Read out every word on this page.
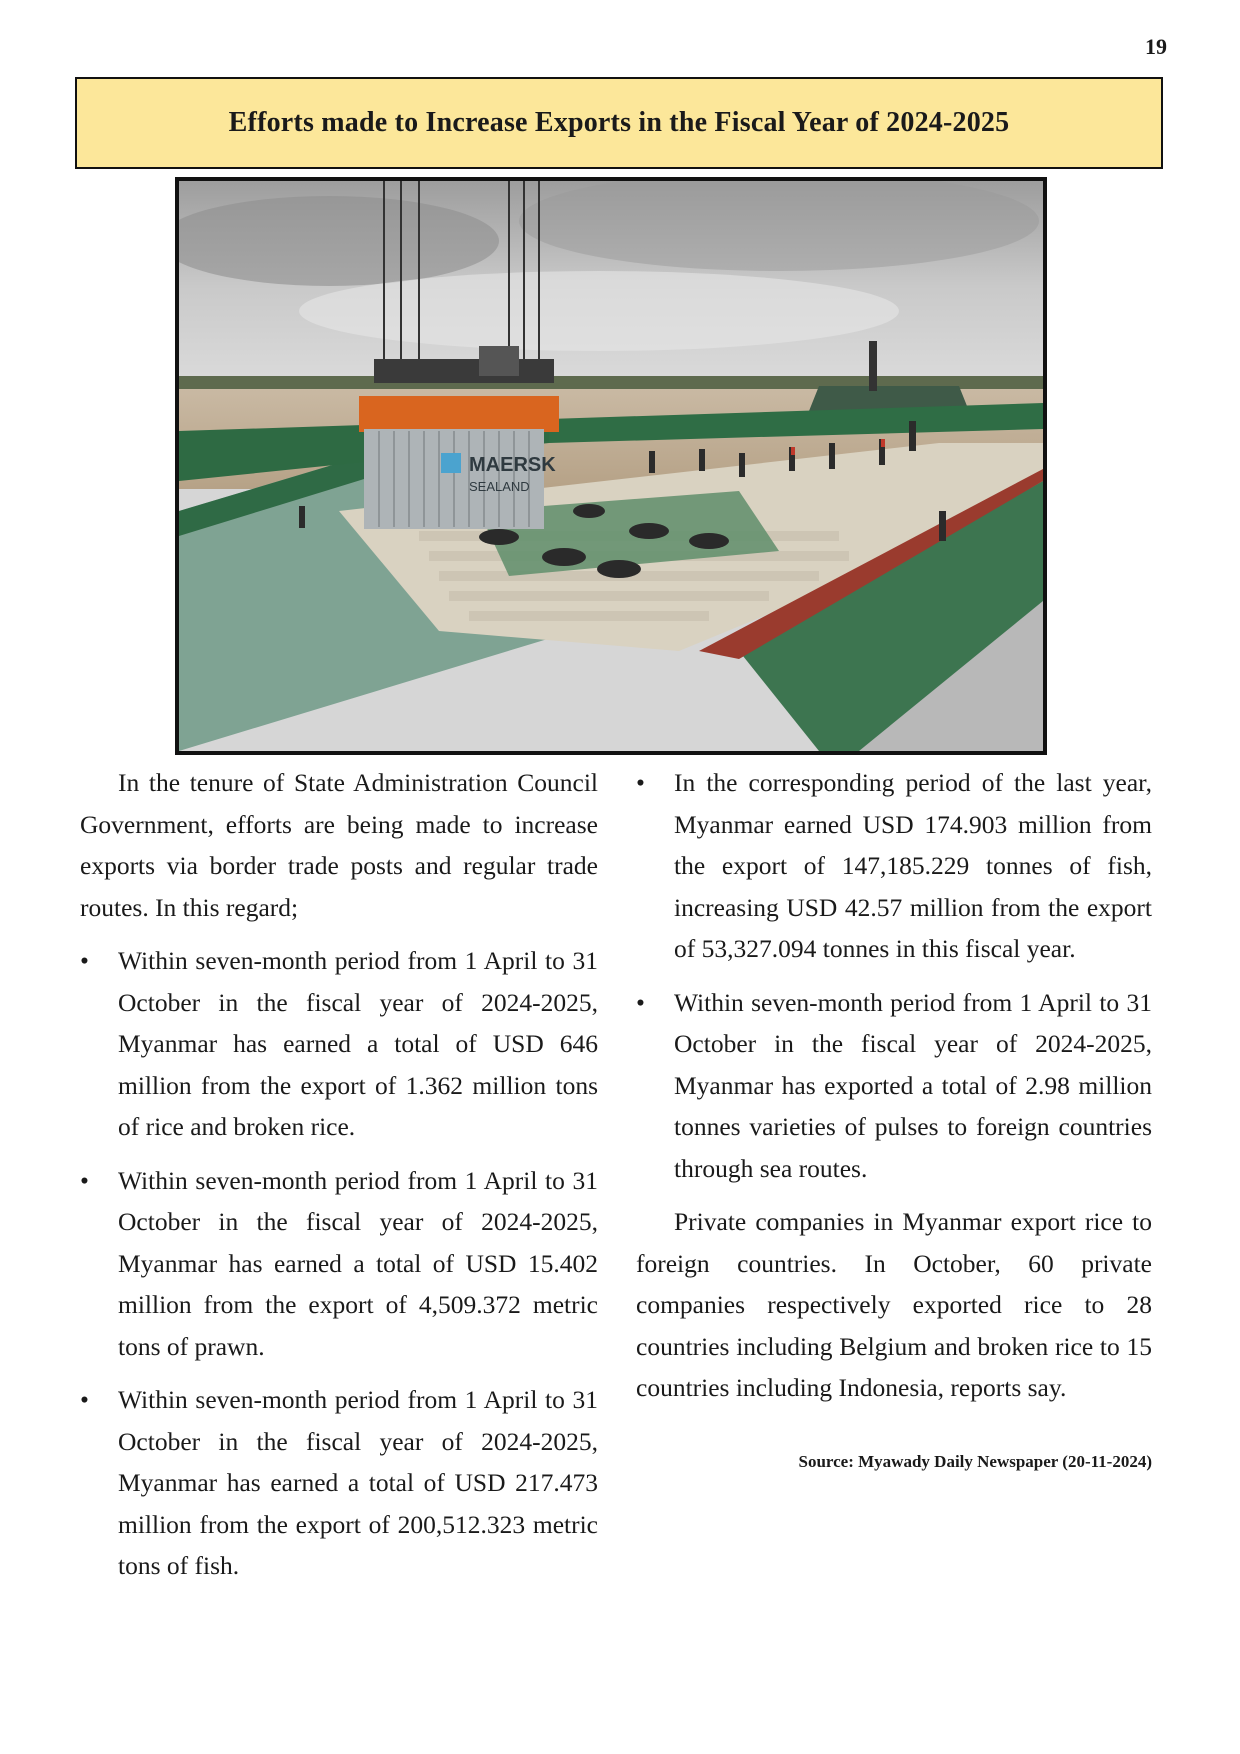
19
Efforts made to Increase Exports in the Fiscal Year of 2024-2025
MAERSK
SEALAND

In the tenure of State Administration Council Government, efforts are being made to increase exports via border trade posts and regular trade routes. In this regard;

•	Within seven-month period from 1 April to 31 October in the fiscal year of 2024-2025, Myanmar has earned a total of USD 646 million from the export of 1.362 million tons of rice and broken rice.
•	Within seven-month period from 1 April to 31 October in the fiscal year of 2024-2025, Myanmar has earned a total of USD 15.402 million from the export of 4,509.372 metric tons of prawn.
•	Within seven-month period from 1 April to 31 October in the fiscal year of 2024-2025, Myanmar has earned a total of USD 217.473 million from the export of 200,512.323 metric tons of fish.
•	In the corresponding period of the last year, Myanmar earned USD 174.903 million from the export of 147,185.229 tonnes of fish, increasing USD 42.57 million from the export of 53,327.094 tonnes in this fiscal year.
•	Within seven-month period from 1 April to 31 October in the fiscal year of 2024-2025, Myanmar has exported a total of 2.98 million tonnes varieties of pulses to foreign countries through sea routes.

Private companies in Myanmar export rice to foreign countries. In October, 60 private companies respectively exported rice to 28 countries including Belgium and broken rice to 15 countries including Indonesia, reports say.

Source: Myawady Daily Newspaper (20-11-2024)
